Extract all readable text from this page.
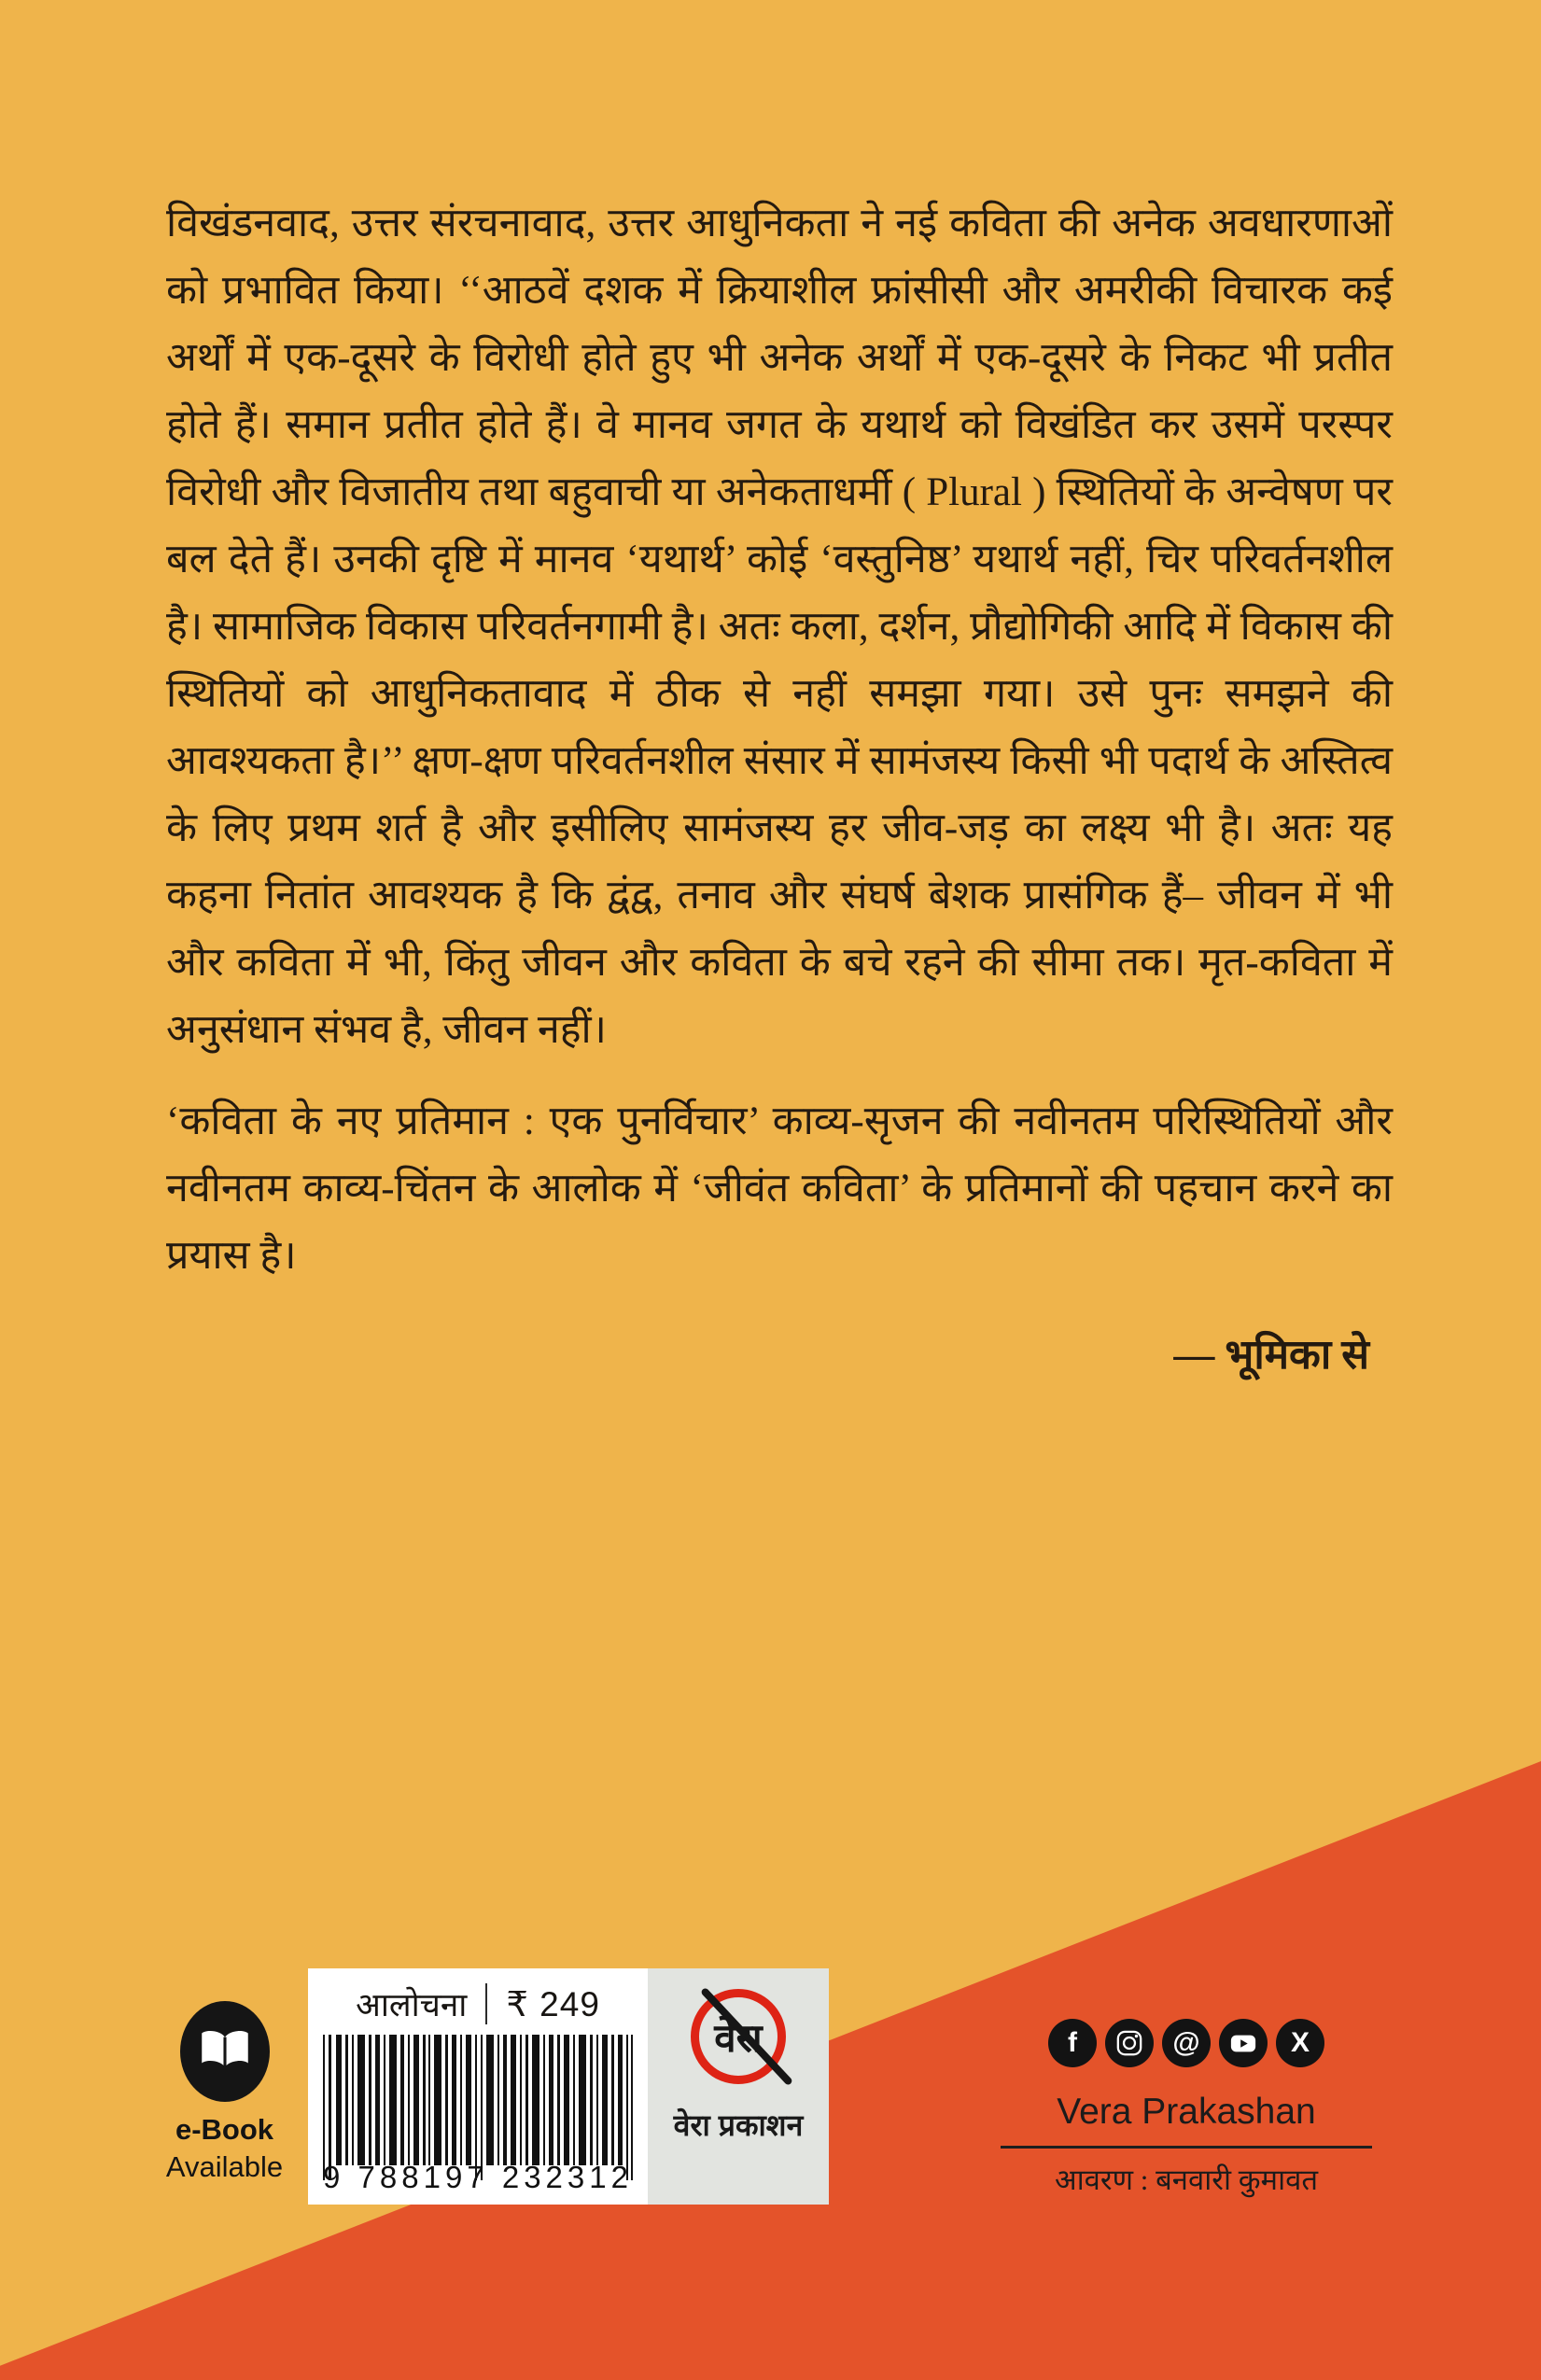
विखंडनवाद, उत्तर संरचनावाद, उत्तर आधुनिकता ने नई कविता की अनेक अवधारणाओं को प्रभावित किया। ‘‘आठवें दशक में क्रियाशील फ्रांसीसी और अमरीकी विचारक कई अर्थों में एक-दूसरे के विरोधी होते हुए भी अनेक अर्थों में एक-दूसरे के निकट भी प्रतीत होते हैं। समान प्रतीत होते हैं। वे मानव जगत के यथार्थ को विखंडित कर उसमें परस्पर विरोधी और विजातीय तथा बहुवाची या अनेकताधर्मी ( Plural ) स्थितियों के अन्वेषण पर बल देते हैं। उनकी दृष्टि में मानव ‘यथार्थ’ कोई ‘वस्तुनिष्ठ’ यथार्थ नहीं, चिर परिवर्तनशील है। सामाजिक विकास परिवर्तनगामी है। अतः कला, दर्शन, प्रौद्योगिकी आदि में विकास की स्थितियों को आधुनिकतावाद में ठीक से नहीं समझा गया। उसे पुनः समझने की आवश्यकता है।’’ क्षण-क्षण परिवर्तनशील संसार में सामंजस्य किसी भी पदार्थ के अस्तित्व के लिए प्रथम शर्त है और इसीलिए सामंजस्य हर जीव-जड़ का लक्ष्य भी है। अतः यह कहना नितांत आवश्यक है कि द्वंद्व, तनाव और संघर्ष बेशक प्रासंगिक हैं– जीवन में भी और कविता में भी, किंतु जीवन और कविता के बचे रहने की सीमा तक। मृत-कविता में अनुसंधान संभव है, जीवन नहीं।

‘कविता के नए प्रतिमान : एक पुनर्विचार’ काव्य-सृजन की नवीनतम परिस्थितियों और नवीनतम काव्य-चिंतन के आलोक में ‘जीवंत कविता’ के प्रतिमानों की पहचान करने का प्रयास है।

— भूमिका से
e-Book
Available
आलोचना ₹ 249
9 788197 232312
वेरा
वेरा प्रकाशन
f	@	X
Vera Prakashan
आवरण : बनवारी कुमावत
